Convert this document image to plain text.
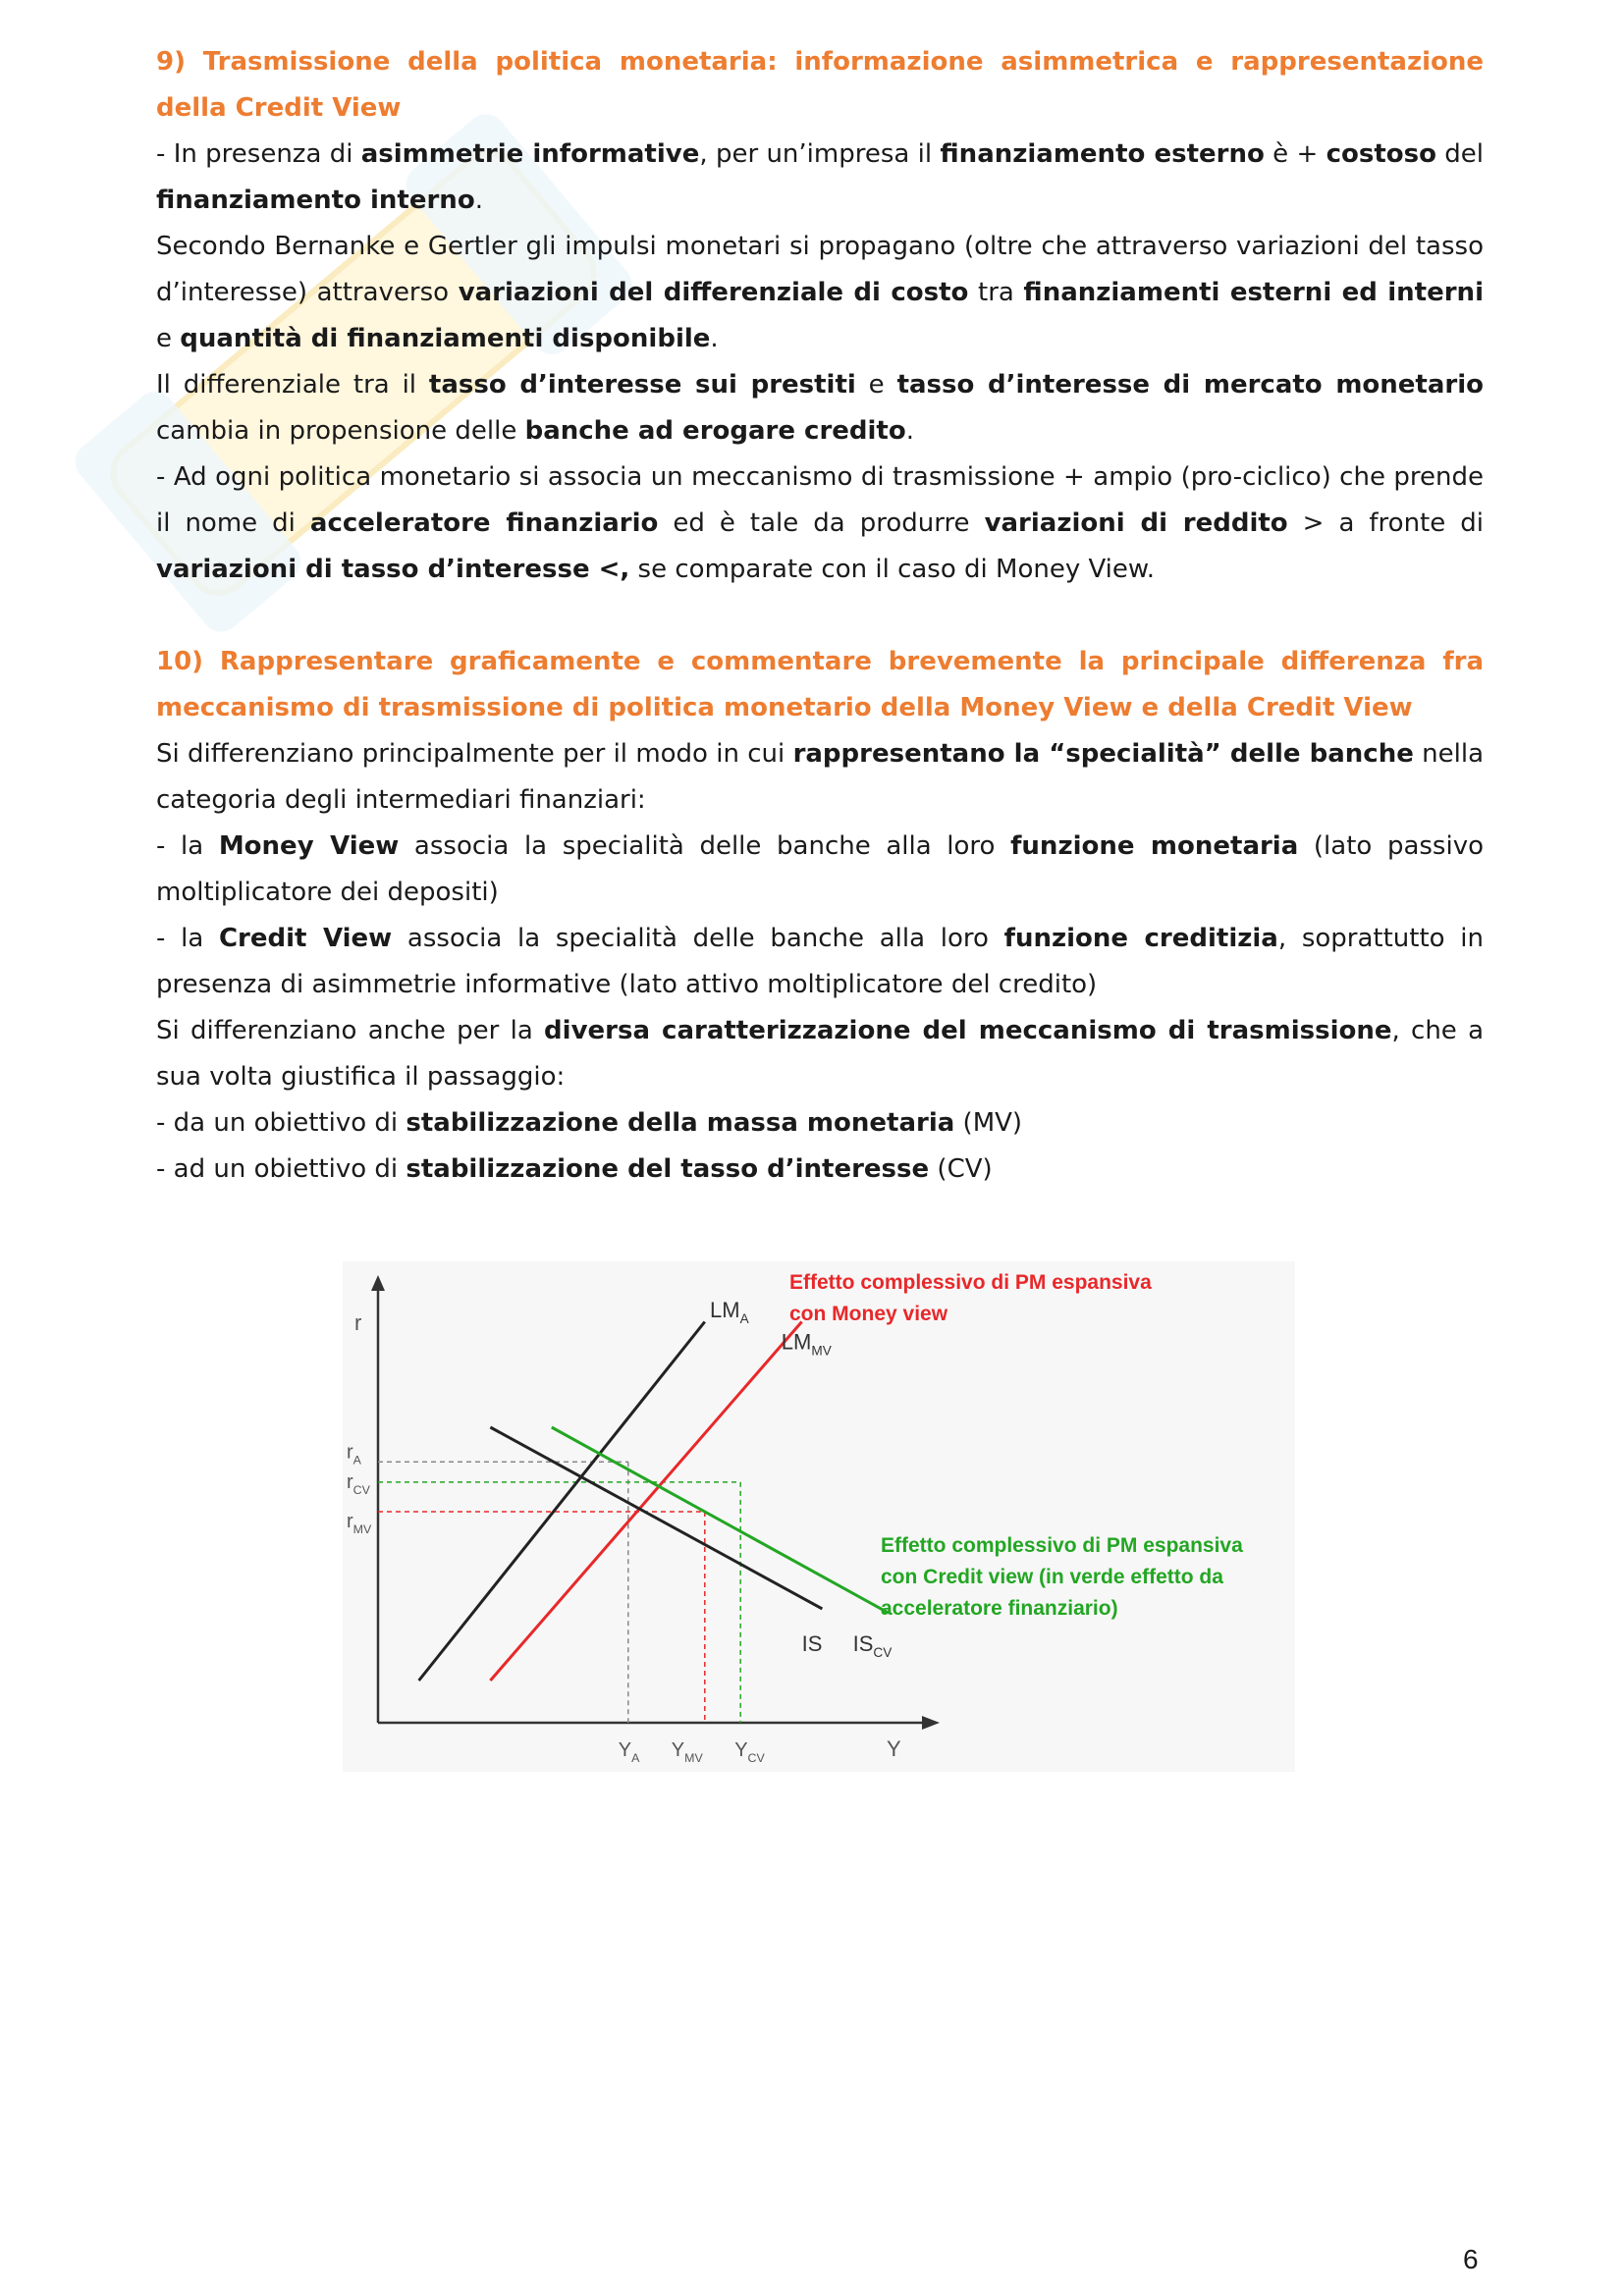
9) Trasmissione della politica monetaria: informazione asimmetrica e rappresentazione della Credit View

- In presenza di asimmetrie informative, per un’impresa il finanziamento esterno è + costoso del finanziamento interno.

Secondo Bernanke e Gertler gli impulsi monetari si propagano (oltre che attraverso variazioni del tasso d’interesse) attraverso variazioni del differenziale di costo tra finanziamenti esterni ed interni e quantità di finanziamenti disponibile.

Il differenziale tra il tasso d’interesse sui prestiti e tasso d’interesse di mercato monetario cambia in propensione delle banche ad erogare credito.

- Ad ogni politica monetario si associa un meccanismo di trasmissione + ampio (pro-ciclico) che prende il nome di acceleratore finanziario ed è tale da produrre variazioni di reddito > a fronte di variazioni di tasso d’interesse <, se comparate con il caso di Money View.

10) Rappresentare graficamente e commentare brevemente la principale differenza fra meccanismo di trasmissione di politica monetario della Money View e della Credit View

Si differenziano principalmente per il modo in cui rappresentano la “specialità” delle banche nella categoria degli intermediari finanziari:

- la Money View associa la specialità delle banche alla loro funzione monetaria (lato passivo moltiplicatore dei depositi)

- la Credit View associa la specialità delle banche alla loro funzione creditizia, soprattutto in presenza di asimmetrie informative (lato attivo moltiplicatore del credito)

Si differenziano anche per la diversa caratterizzazione del meccanismo di trasmissione, che a sua volta giustifica il passaggio:

- da un obiettivo di stabilizzazione della massa monetaria (MV)

- ad un obiettivo di stabilizzazione del tasso d’interesse (CV)

r
Y
$LM_A$
$LM_{MV}$
IS $IS_{CV}$
$r_A$
$r_{CV}$
$r_{MV}$
$Y_A$ $Y_{MV}$ $Y_{CV}$
Effetto complessivo di PM espansiva
con Money view
Effetto complessivo di PM espansiva
con Credit view (in verde effetto da
acceleratore finanziario)
6
